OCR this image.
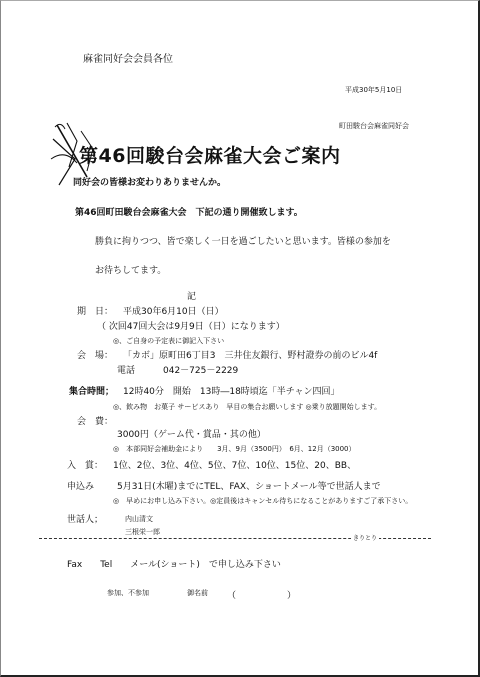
麻雀同好会会員各位
平成30年5月10日
町田駿台会麻雀同好会
第46回駿台会麻雀大会ご案内
同好会の皆様お変わりありませんか。
第46回町田駿台会麻雀大会　下記の通り開催致します。
勝負に拘りつつ、皆で楽しく一日を過ごしたいと思います。皆様の参加を
お待ちしてます。
記
期　日： 平成30年6月10日（日）
（ 次回47回大会は9月9日（日）になります）
◎、ご自身の予定表に御記入下さい
会　場： 「カボ」原町田6丁目3　三井住友銀行、野村證券の前のビル4f
電話	042－725－2229
集合時間； 12時40分　開始　13時―18時頃迄「半チャン四回」
◎、飲み物　お菓子 サービスあり　早目の集合お願いします ◎乗り放題開始します。
会　費：
3000円（ゲーム代・賞品・其の他）
◎　本部同好会補助金により　　3月、9月（3500円）　6月、12月（3000）
入　賞： 1位、2位、3位、4位、5位、7位、10位、15位、20、BB、
申込み	5月31日(木曜)までにTEL、FAX、ショートメール等で世話人まで
◎　早めにお申し込み下さい。◎定員後はキャンセル待ちになることがありますご了承下さい。
世話人；	内山清文
三根栄一郎
きりとり
Fax　　Tel　　メール(ショート)　で申し込み下さい
参加、不参加	御名前 （	）
